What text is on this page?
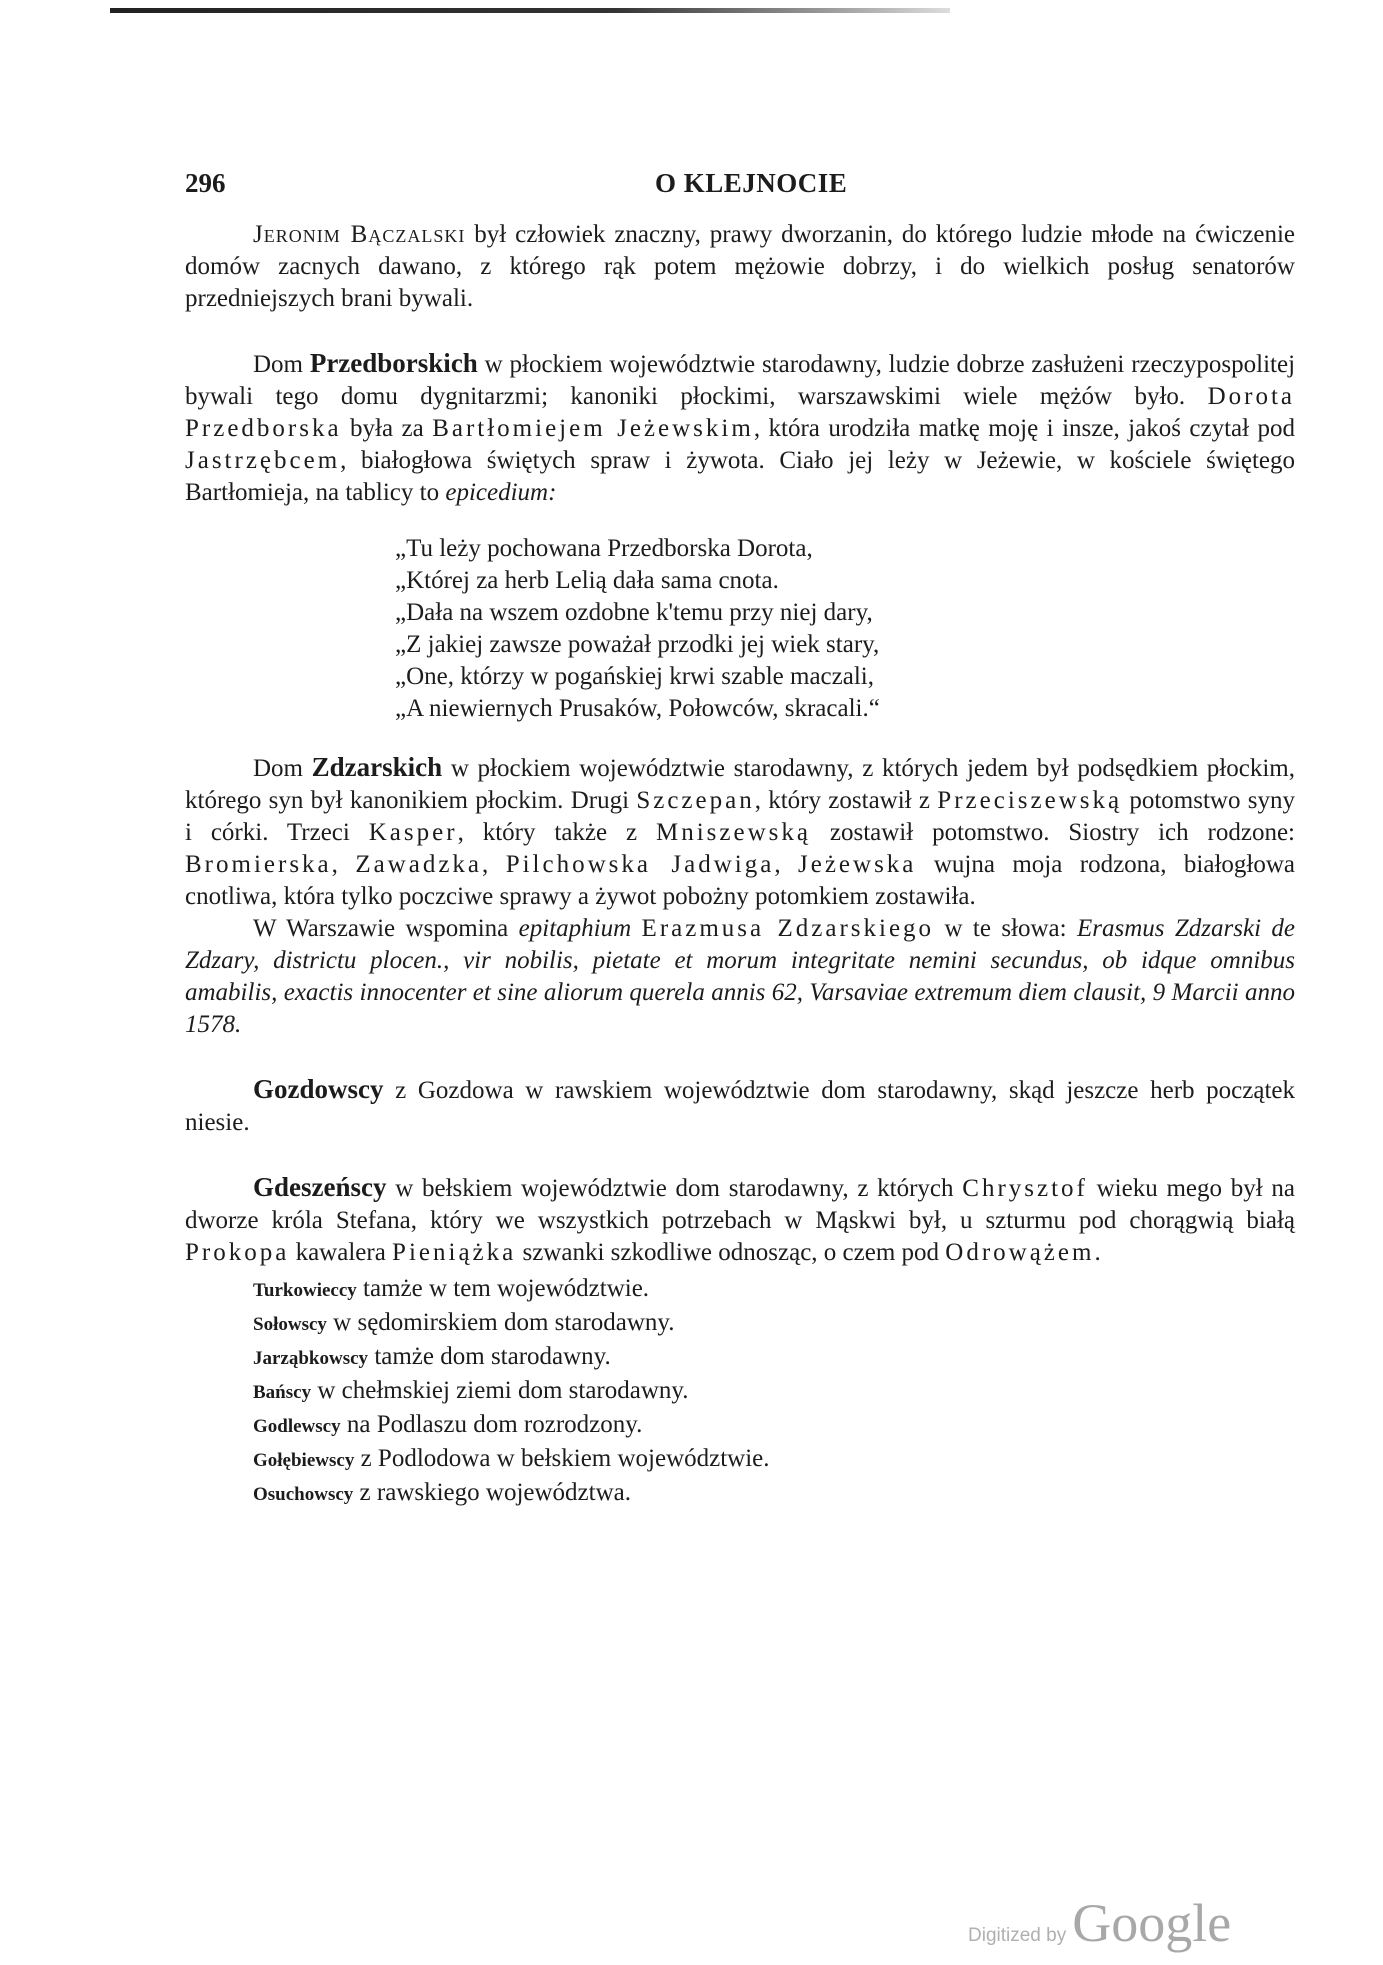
296	O KLEJNOCIE

Jeronim Bączalski był człowiek znaczny, prawy dworzanin, do którego ludzie młode na ćwiczenie domów zacnych dawano, z którego rąk potem mężowie dobrzy, i do wielkich posług senatorów przedniejszych brani bywali.

Dom Przedborskich w płockiem województwie starodawny, ludzie dobrze zasłużeni rzeczypospolitej bywali tego domu dygnitarzmi; kanoniki płockimi, warszawskimi wiele mężów było. Dorota Przedborska była za Bartłomiejem Jeżewskim, która urodziła matkę moję i insze, jakoś czytał pod Jastrzębcem, białogłowa świętych spraw i żywota. Ciało jej leży w Jeżewie, w kościele świętego Bartłomieja, na tablicy to epicedium:

„Tu leży pochowana Przedborska Dorota,
„Której za herb Lelią dała sama cnota.
„Dała na wszem ozdobne k'temu przy niej dary,
„Z jakiej zawsze poważał przodki jej wiek stary,
„One, którzy w pogańskiej krwi szable maczali,
„A niewiernych Prusaków, Połowców, skracali.“

Dom Zdzarskich w płockiem województwie starodawny, z których jedem był podsędkiem płockim, którego syn był kanonikiem płockim. Drugi Szczepan, który zostawił z Przeciszewską potomstwo syny i córki. Trzeci Kasper, który także z Mniszewską zostawił potomstwo. Siostry ich rodzone: Bromierska, Zawadzka, Pilchowska Jadwiga, Jeżewska wujna moja rodzona, białogłowa cnotliwa, która tylko poczciwe sprawy a żywot pobożny potomkiem zostawiła.

W Warszawie wspomina epitaphium Erazmusa Zdzarskiego w te słowa: Erasmus Zdzarski de Zdzary, districtu plocen., vir nobilis, pietate et morum integritate nemini secundus, ob idque omnibus amabilis, exactis innocenter et sine aliorum querela annis 62, Varsaviae extremum diem clausit, 9 Marcii anno 1578.

Gozdowscy z Gozdowa w rawskiem województwie dom starodawny, skąd jeszcze herb początek niesie.

Gdeszeńscy w bełskiem województwie dom starodawny, z których Chrysztof wieku mego był na dworze króla Stefana, który we wszystkich potrzebach w Mąskwi był, u szturmu pod chorągwią białą Prokopa kawalera Pieniążka szwanki szkodliwe odnosząc, o czem pod Odrowążem.

Turkowieccy tamże w tem województwie.
Sołowscy w sędomirskiem dom starodawny.
Jarząbkowscy tamże dom starodawny.
Bańscy w chełmskiej ziemi dom starodawny.
Godlewscy na Podlaszu dom rozrodzony.
Gołębiewscy z Podlodowa w bełskiem województwie.
Osuchowscy z rawskiego województwa.
Digitized by Google
